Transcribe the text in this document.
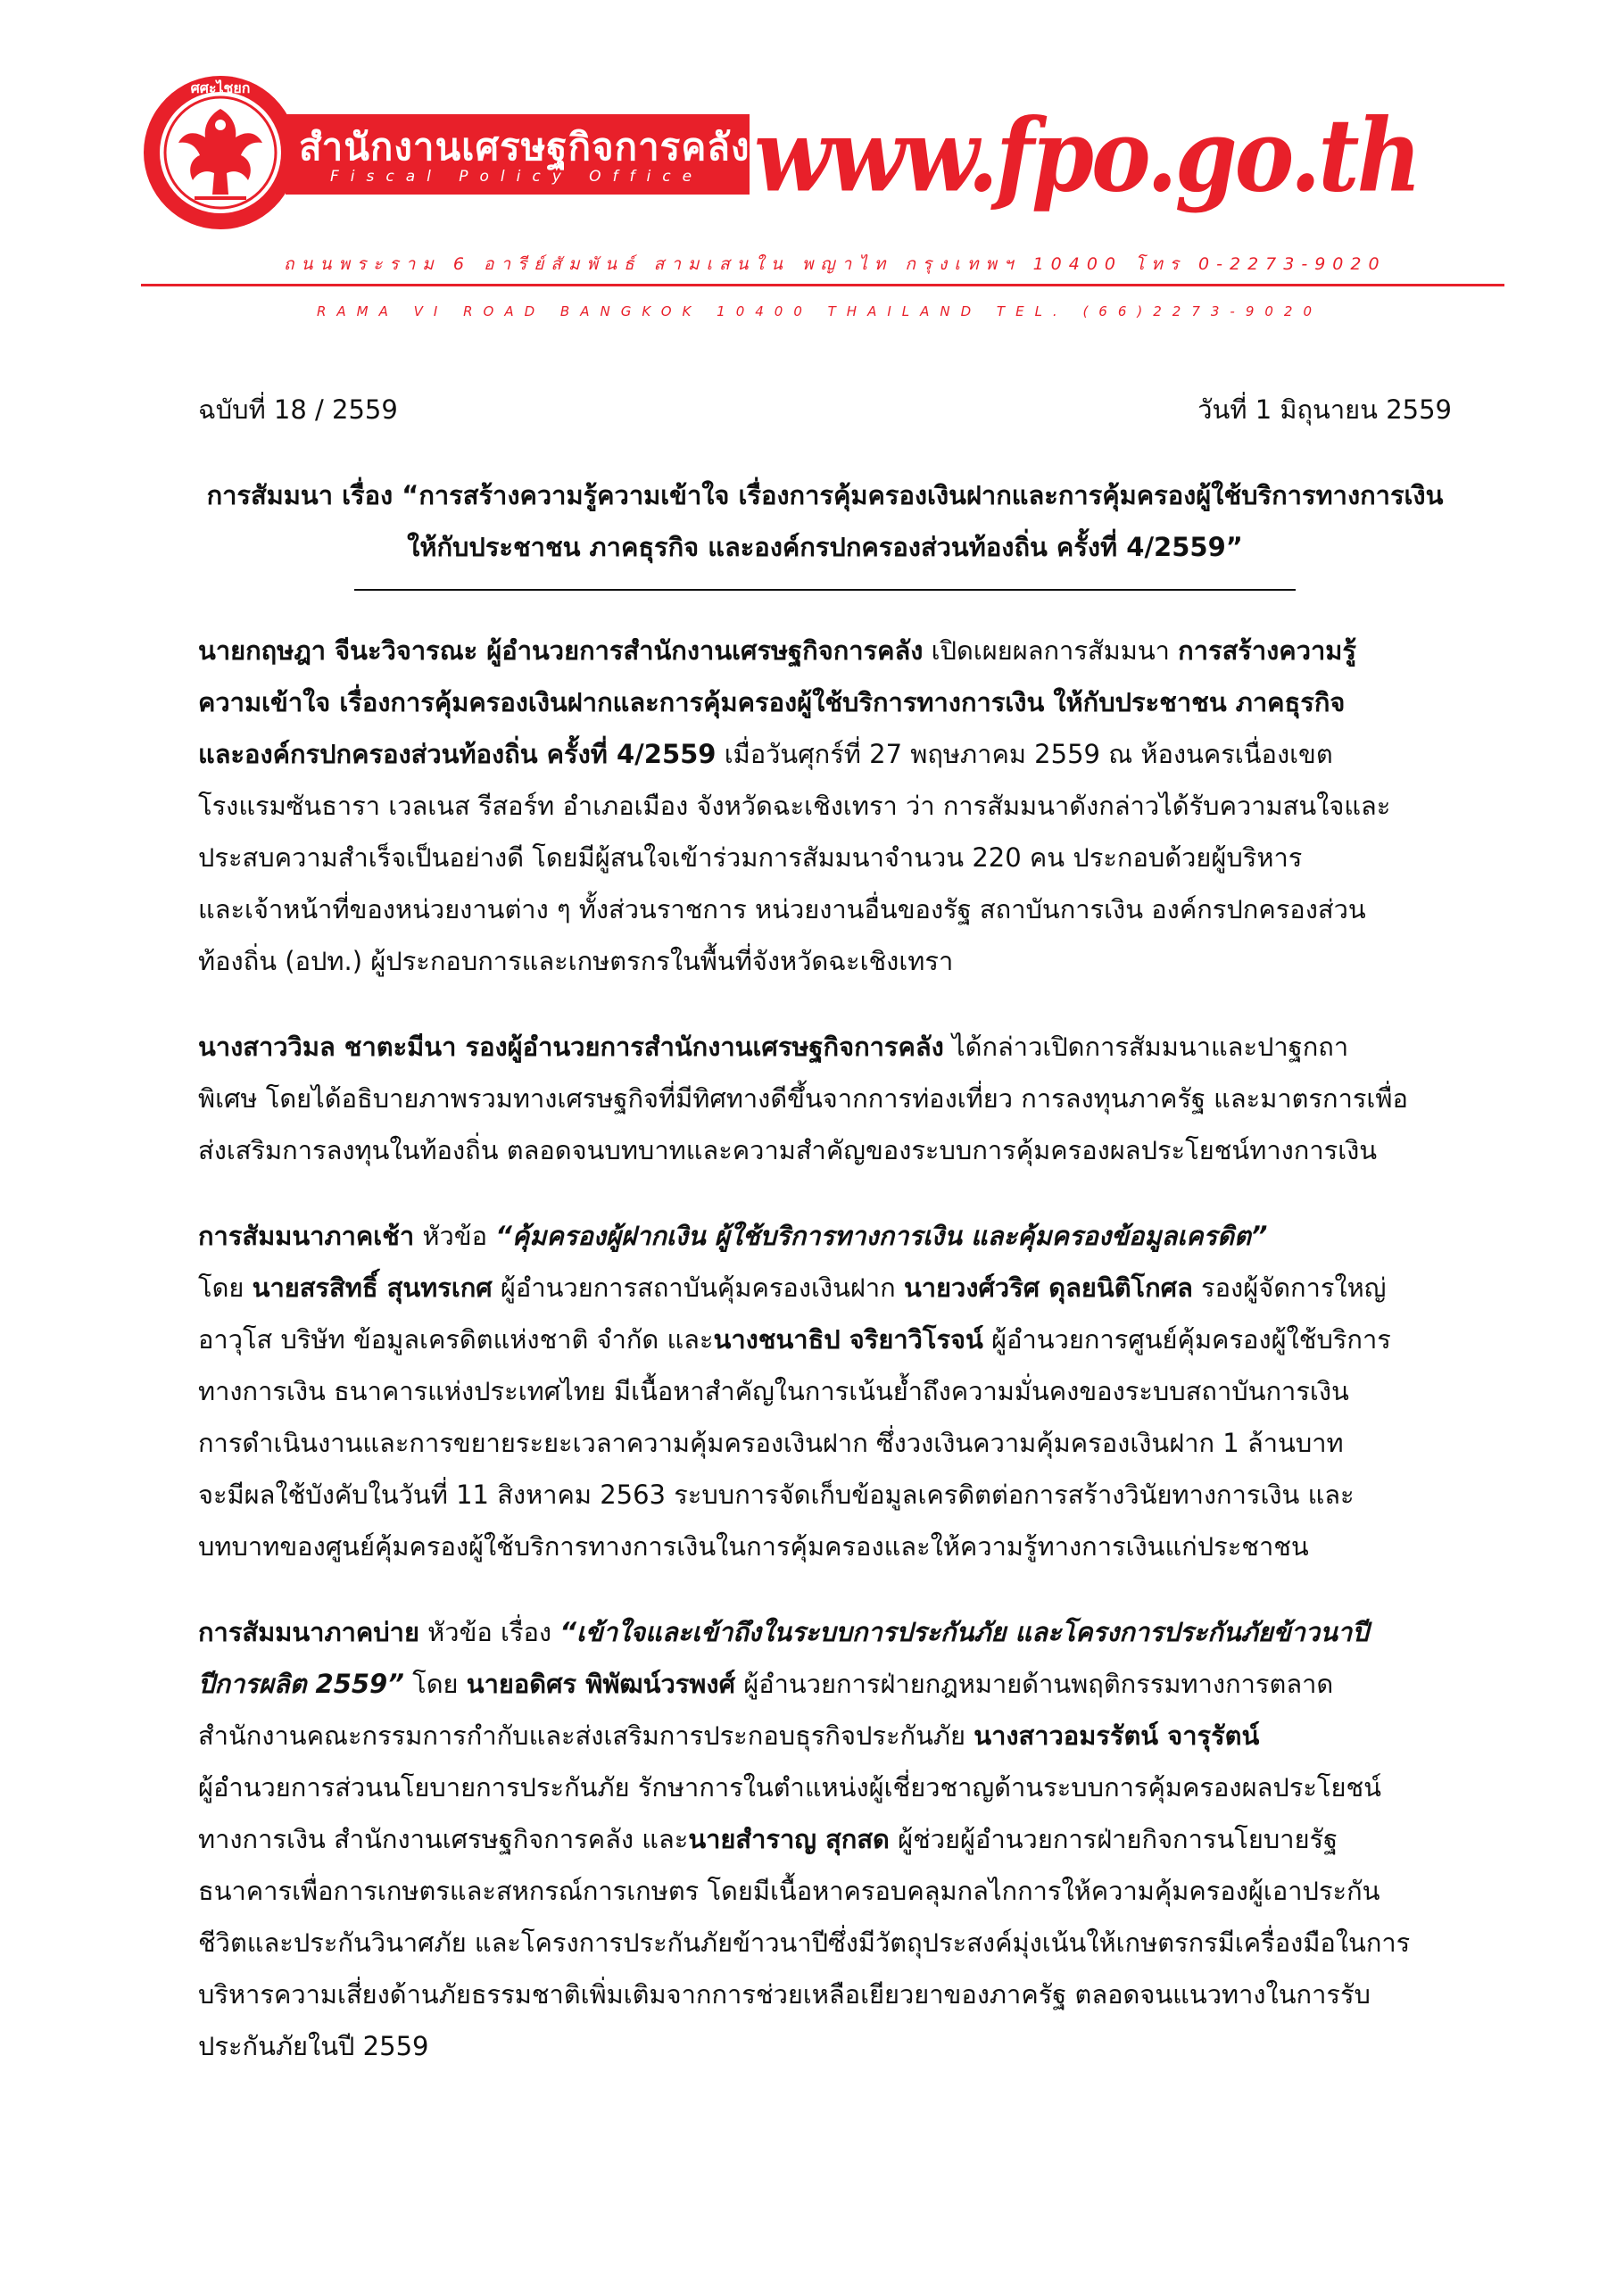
ศศะไชยก
สำนักงานเศรษฐกิจการคลัง
Fiscal Policy Office www.fpo.go.th
ถนนพระราม 6 อารีย์สัมพันธ์ สามเสนใน พญาไท กรุงเทพฯ 10400 โทร 0-2273-9020
RAMA VI ROAD BANGKOK 10400 THAILAND TEL. (66)2273-9020
ฉบับที่ 18 / 2559	วันที่ 1 มิถุนายน 2559
การสัมมนา เรื่อง “การสร้างความรู้ความเข้าใจ เรื่องการคุ้มครองเงินฝากและการคุ้มครองผู้ใช้บริการทางการเงิน
ให้กับประชาชน ภาคธุรกิจ และองค์กรปกครองส่วนท้องถิ่น ครั้งที่ 4/2559”
นายกฤษฎา จีนะวิจารณะ ผู้อำนวยการสำนักงานเศรษฐกิจการคลัง เปิดเผยผลการสัมมนา การสร้างความรู้
ความเข้าใจ เรื่องการคุ้มครองเงินฝากและการคุ้มครองผู้ใช้บริการทางการเงิน ให้กับประชาชน ภาคธุรกิจ
และองค์กรปกครองส่วนท้องถิ่น ครั้งที่ 4/2559 เมื่อวันศุกร์ที่ 27 พฤษภาคม 2559 ณ ห้องนครเนื่องเขต
โรงแรมซันธารา เวลเนส รีสอร์ท อำเภอเมือง จังหวัดฉะเชิงเทรา ว่า การสัมมนาดังกล่าวได้รับความสนใจและ
ประสบความสำเร็จเป็นอย่างดี โดยมีผู้สนใจเข้าร่วมการสัมมนาจำนวน 220 คน ประกอบด้วยผู้บริหาร
และเจ้าหน้าที่ของหน่วยงานต่าง ๆ ทั้งส่วนราชการ หน่วยงานอื่นของรัฐ สถาบันการเงิน องค์กรปกครองส่วน
ท้องถิ่น (อปท.) ผู้ประกอบการและเกษตรกรในพื้นที่จังหวัดฉะเชิงเทรา
นางสาววิมล ชาตะมีนา รองผู้อำนวยการสำนักงานเศรษฐกิจการคลัง ได้กล่าวเปิดการสัมมนาและปาฐกถา
พิเศษ โดยได้อธิบายภาพรวมทางเศรษฐกิจที่มีทิศทางดีขึ้นจากการท่องเที่ยว การลงทุนภาครัฐ และมาตรการเพื่อ
ส่งเสริมการลงทุนในท้องถิ่น ตลอดจนบทบาทและความสำคัญของระบบการคุ้มครองผลประโยชน์ทางการเงิน
การสัมมนาภาคเช้า หัวข้อ “คุ้มครองผู้ฝากเงิน ผู้ใช้บริการทางการเงิน และคุ้มครองข้อมูลเครดิต”
โดย นายสรสิทธิ์ สุนทรเกศ ผู้อำนวยการสถาบันคุ้มครองเงินฝาก นายวงศ์วริศ ดุลยนิติโกศล รองผู้จัดการใหญ่
อาวุโส บริษัท ข้อมูลเครดิตแห่งชาติ จำกัด และนางชนาธิป จริยาวิโรจน์ ผู้อำนวยการศูนย์คุ้มครองผู้ใช้บริการ
ทางการเงิน ธนาคารแห่งประเทศไทย มีเนื้อหาสำคัญในการเน้นย้ำถึงความมั่นคงของระบบสถาบันการเงิน
การดำเนินงานและการขยายระยะเวลาความคุ้มครองเงินฝาก ซึ่งวงเงินความคุ้มครองเงินฝาก 1 ล้านบาท
จะมีผลใช้บังคับในวันที่ 11 สิงหาคม 2563 ระบบการจัดเก็บข้อมูลเครดิตต่อการสร้างวินัยทางการเงิน และ
บทบาทของศูนย์คุ้มครองผู้ใช้บริการทางการเงินในการคุ้มครองและให้ความรู้ทางการเงินแก่ประชาชน
การสัมมนาภาคบ่าย หัวข้อ เรื่อง “เข้าใจและเข้าถึงในระบบการประกันภัย และโครงการประกันภัยข้าวนาปี
ปีการผลิต 2559” โดย นายอดิศร พิพัฒน์วรพงศ์ ผู้อำนวยการฝ่ายกฎหมายด้านพฤติกรรมทางการตลาด
สำนักงานคณะกรรมการกำกับและส่งเสริมการประกอบธุรกิจประกันภัย นางสาวอมรรัตน์ จารุรัตน์
ผู้อำนวยการส่วนนโยบายการประกันภัย รักษาการในตำแหน่งผู้เชี่ยวชาญด้านระบบการคุ้มครองผลประโยชน์
ทางการเงิน สำนักงานเศรษฐกิจการคลัง และนายสำราญ สุกสด ผู้ช่วยผู้อำนวยการฝ่ายกิจการนโยบายรัฐ
ธนาคารเพื่อการเกษตรและสหกรณ์การเกษตร โดยมีเนื้อหาครอบคลุมกลไกการให้ความคุ้มครองผู้เอาประกัน
ชีวิตและประกันวินาศภัย และโครงการประกันภัยข้าวนาปีซึ่งมีวัตถุประสงค์มุ่งเน้นให้เกษตรกรมีเครื่องมือในการ
บริหารความเสี่ยงด้านภัยธรรมชาติเพิ่มเติมจากการช่วยเหลือเยียวยาของภาครัฐ ตลอดจนแนวทางในการรับ
ประกันภัยในปี 2559
